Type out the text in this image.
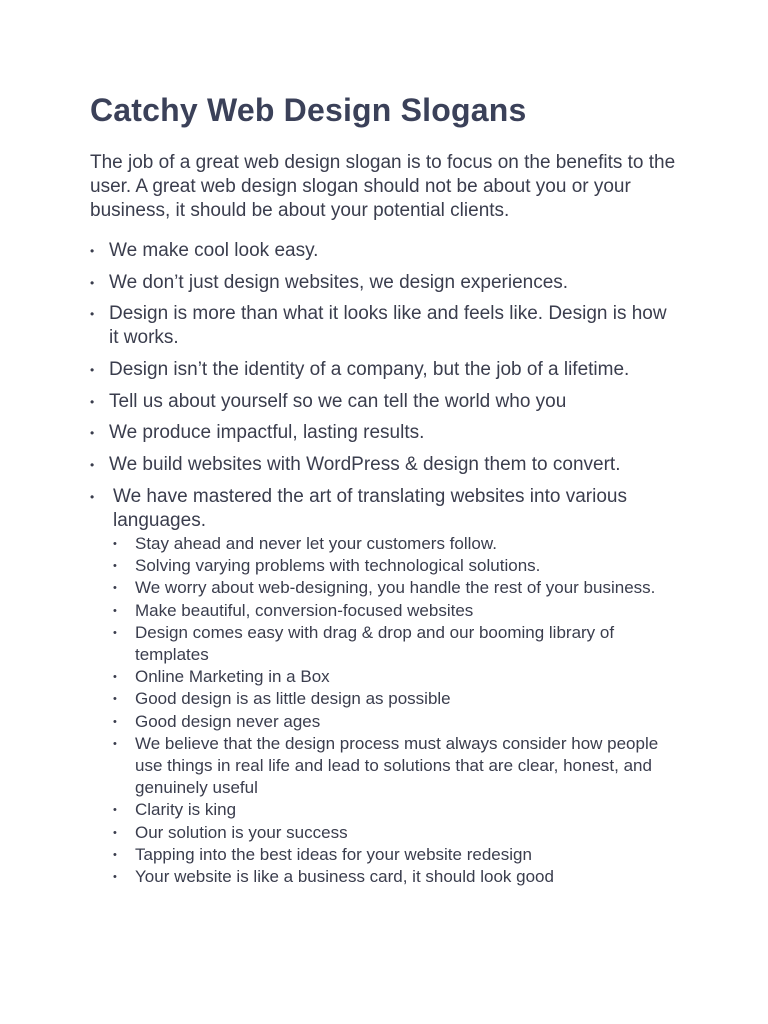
Catchy Web Design Slogans

The job of a great web design slogan is to focus on the benefits to the user. A great web design slogan should not be about you or your business, it should be about your potential clients.

• We make cool look easy.
• We don’t just design websites, we design experiences.
• Design is more than what it looks like and feels like. Design is how it works.
• Design isn’t the identity of a company, but the job of a lifetime.
• Tell us about yourself so we can tell the world who you
• We produce impactful, lasting results.
• We build websites with WordPress & design them to convert.
• We have mastered the art of translating websites into various languages.
• Stay ahead and never let your customers follow.
• Solving varying problems with technological solutions.
• We worry about web-designing, you handle the rest of your business.
• Make beautiful, conversion-focused websites
• Design comes easy with drag & drop and our booming library of templates
• Online Marketing in a Box
• Good design is as little design as possible
• Good design never ages
• We believe that the design process must always consider how people use things in real life and lead to solutions that are clear, honest, and genuinely useful
• Clarity is king
• Our solution is your success
• Tapping into the best ideas for your website redesign
• Your website is like a business card, it should look good
